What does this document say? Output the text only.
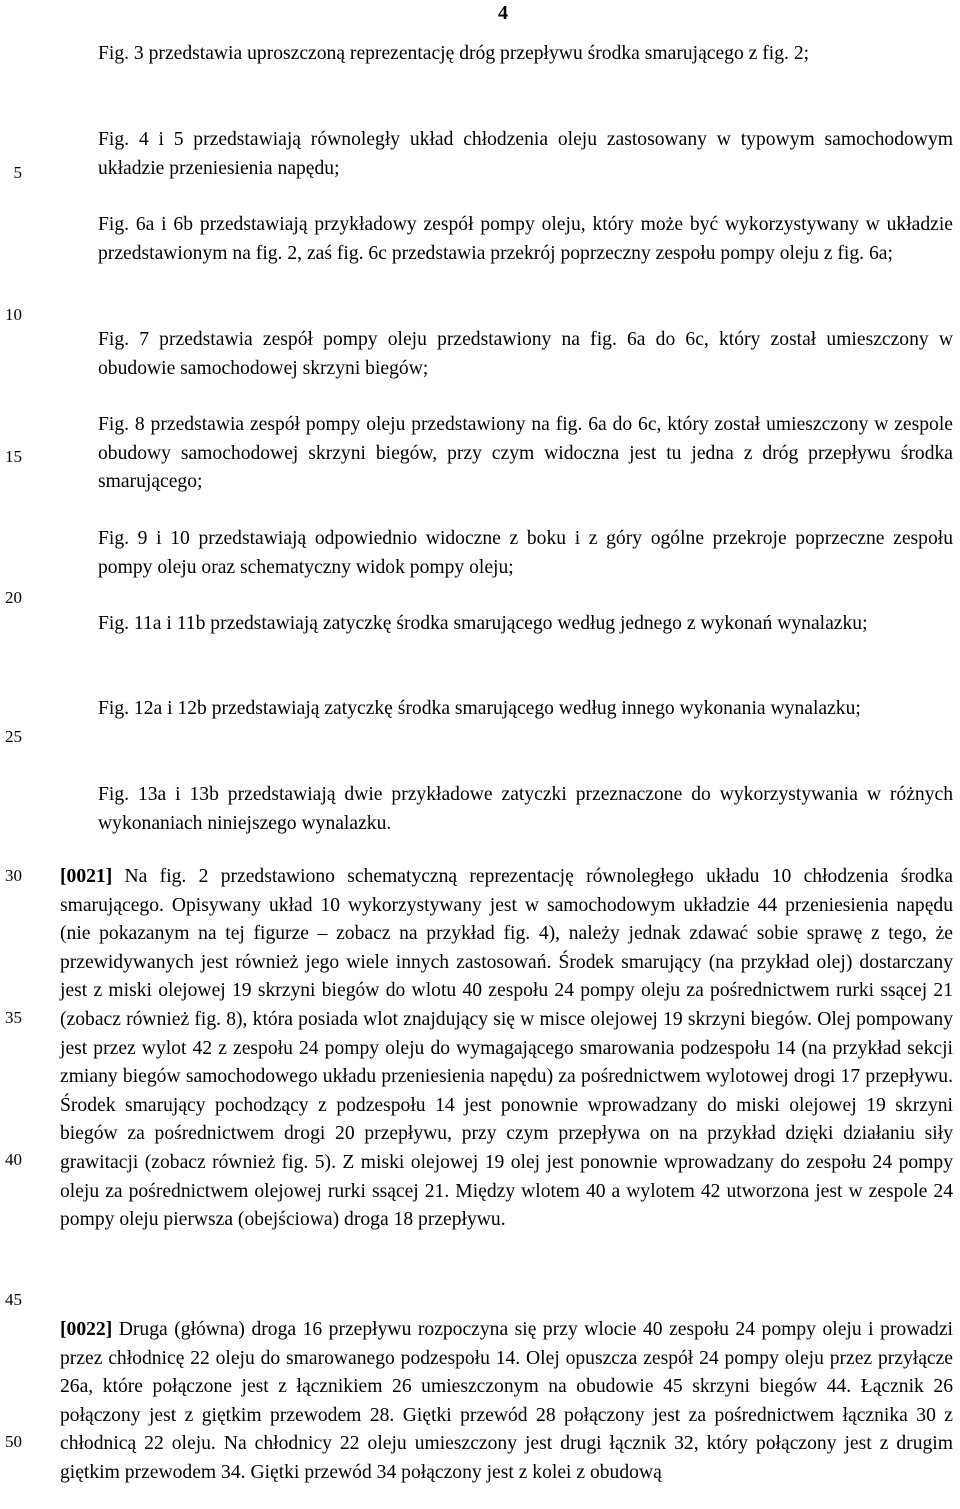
4
5
10
15
20
25
30
35
40
45
50

Fig. 3 przedstawia uproszczoną reprezentację dróg przepływu środka smarującego z fig. 2;

Fig. 4 i 5 przedstawiają równoległy układ chłodzenia oleju zastosowany w typowym samochodowym układzie przeniesienia napędu;

Fig. 6a i 6b przedstawiają przykładowy zespół pompy oleju, który może być wykorzystywany w układzie przedstawionym na fig. 2, zaś fig. 6c przedstawia przekrój poprzeczny zespołu pompy oleju z fig. 6a;

Fig. 7 przedstawia zespół pompy oleju przedstawiony na fig. 6a do 6c, który został umieszczony w obudowie samochodowej skrzyni biegów;

Fig. 8 przedstawia zespół pompy oleju przedstawiony na fig. 6a do 6c, który został umieszczony w zespole obudowy samochodowej skrzyni biegów, przy czym widoczna jest tu jedna z dróg przepływu środka smarującego;

Fig. 9 i 10 przedstawiają odpowiednio widoczne z boku i z góry ogólne przekroje poprzeczne zespołu pompy oleju oraz schematyczny widok pompy oleju;

Fig. 11a i 11b przedstawiają zatyczkę środka smarującego według jednego z wykonań wynalazku;

Fig. 12a i 12b przedstawiają zatyczkę środka smarującego według innego wykonania wynalazku;

Fig. 13a i 13b przedstawiają dwie przykładowe zatyczki przeznaczone do wykorzystywania w różnych wykonaniach niniejszego wynalazku.

[0021] Na fig. 2 przedstawiono schematyczną reprezentację równoległego układu 10 chłodzenia środka smarującego. Opisywany układ 10 wykorzystywany jest w samochodowym układzie 44 przeniesienia napędu (nie pokazanym na tej figurze – zobacz na przykład fig. 4), należy jednak zdawać sobie sprawę z tego, że przewidywanych jest również jego wiele innych zastosowań. Środek smarujący (na przykład olej) dostarczany jest z miski olejowej 19 skrzyni biegów do wlotu 40 zespołu 24 pompy oleju za pośrednictwem rurki ssącej 21 (zobacz również fig. 8), która posiada wlot znajdujący się w misce olejowej 19 skrzyni biegów. Olej pompowany jest przez wylot 42 z zespołu 24 pompy oleju do wymagającego smarowania podzespołu 14 (na przykład sekcji zmiany biegów samochodowego układu przeniesienia napędu) za pośrednictwem wylotowej drogi 17 przepływu. Środek smarujący pochodzący z podzespołu 14 jest ponownie wprowadzany do miski olejowej 19 skrzyni biegów za pośrednictwem drogi 20 przepływu, przy czym przepływa on na przykład dzięki działaniu siły grawitacji (zobacz również fig. 5). Z miski olejowej 19 olej jest ponownie wprowadzany do zespołu 24 pompy oleju za pośrednictwem olejowej rurki ssącej 21. Między wlotem 40 a wylotem 42 utworzona jest w zespole 24 pompy oleju pierwsza (obejściowa) droga 18 przepływu.

[0022] Druga (główna) droga 16 przepływu rozpoczyna się przy wlocie 40 zespołu 24 pompy oleju i prowadzi przez chłodnicę 22 oleju do smarowanego podzespołu 14. Olej opuszcza zespół 24 pompy oleju przez przyłącze 26a, które połączone jest z łącznikiem 26 umieszczonym na obudowie 45 skrzyni biegów 44. Łącznik 26 połączony jest z giętkim przewodem 28. Giętki przewód 28 połączony jest za pośrednictwem łącznika 30 z chłodnicą 22 oleju. Na chłodnicy 22 oleju umieszczony jest drugi łącznik 32, który połączony jest z drugim giętkim przewodem 34. Giętki przewód 34 połączony jest z kolei z obudową
